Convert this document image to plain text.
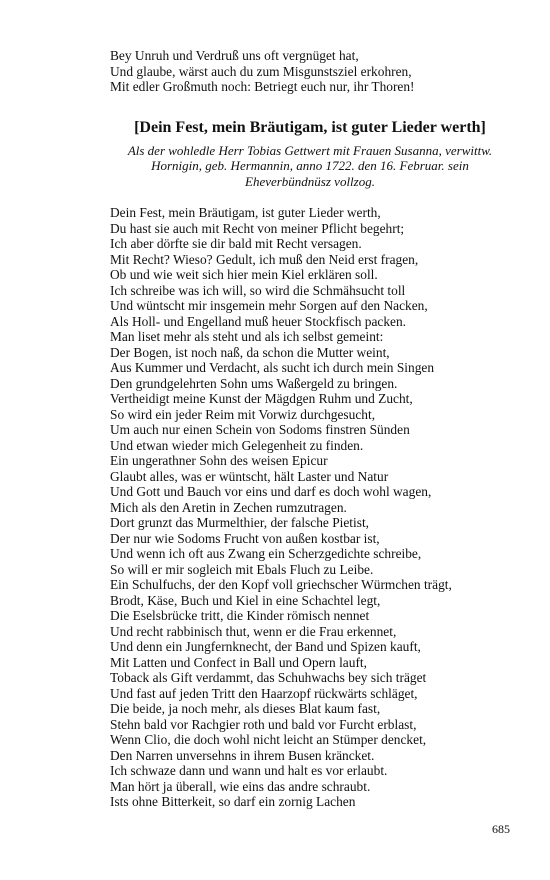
Bey Unruh und Verdruß uns oft vergnüget hat,
Und glaube, wärst auch du zum Misgunstsziel erkohren,
Mit edler Großmuth noch: Betriegt euch nur, ihr Thoren!
[Dein Fest, mein Bräutigam, ist guter Lieder werth]
Als der wohledle Herr Tobias Gettwert mit Frauen Susanna, verwittw. Hornigin, geb. Hermannin, anno 1722. den 16. Februar. sein Eheverbündnüsz vollzog.
Dein Fest, mein Bräutigam, ist guter Lieder werth,
Du hast sie auch mit Recht von meiner Pflicht begehrt;
Ich aber dörfte sie dir bald mit Recht versagen.
Mit Recht? Wieso? Gedult, ich muß den Neid erst fragen,
Ob und wie weit sich hier mein Kiel erklären soll.
Ich schreibe was ich will, so wird die Schmähsucht toll
Und wüntscht mir insgemein mehr Sorgen auf den Nacken,
Als Holl- und Engelland muß heuer Stockfisch packen.
Man liset mehr als steht und als ich selbst gemeint:
Der Bogen, ist noch naß, da schon die Mutter weint,
Aus Kummer und Verdacht, als sucht ich durch mein Singen
Den grundgelehrten Sohn ums Waßergeld zu bringen.
Vertheidigt meine Kunst der Mägdgen Ruhm und Zucht,
So wird ein jeder Reim mit Vorwiz durchgesucht,
Um auch nur einen Schein von Sodoms finstren Sünden
Und etwan wieder mich Gelegenheit zu finden.
Ein ungerathner Sohn des weisen Epicur
Glaubt alles, was er wüntscht, hält Laster und Natur
Und Gott und Bauch vor eins und darf es doch wohl wagen,
Mich als den Aretin in Zechen rumzutragen.
Dort grunzt das Murmelthier, der falsche Pietist,
Der nur wie Sodoms Frucht von außen kostbar ist,
Und wenn ich oft aus Zwang ein Scherzgedichte schreibe,
So will er mir sogleich mit Ebals Fluch zu Leibe.
Ein Schulfuchs, der den Kopf voll griechscher Würmchen trägt,
Brodt, Käse, Buch und Kiel in eine Schachtel legt,
Die Eselsbrücke tritt, die Kinder römisch nennet
Und recht rabbinisch thut, wenn er die Frau erkennet,
Und denn ein Jungfernknecht, der Band und Spizen kauft,
Mit Latten und Confect in Ball und Opern lauft,
Toback als Gift verdammt, das Schuhwachs bey sich träget
Und fast auf jeden Tritt den Haarzopf rückwärts schläget,
Die beide, ja noch mehr, als dieses Blat kaum fast,
Stehn bald vor Rachgier roth und bald vor Furcht erblast,
Wenn Clio, die doch wohl nicht leicht an Stümper dencket,
Den Narren unversehns in ihrem Busen kräncket.
Ich schwaze dann und wann und halt es vor erlaubt.
Man hört ja überall, wie eins das andre schraubt.
Ists ohne Bitterkeit, so darf ein zornig Lachen
685
